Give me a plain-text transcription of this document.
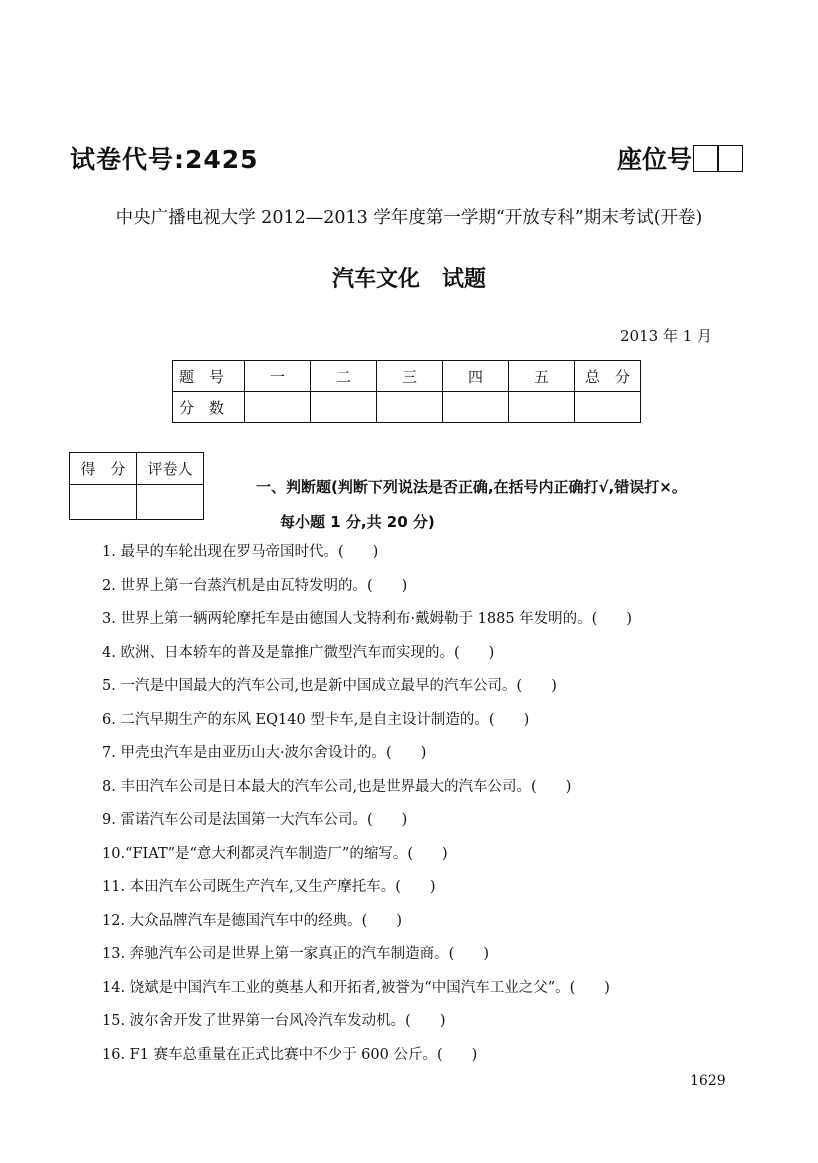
试卷代号:2425	座位号
中央广播电视大学 2012—2013 学年度第一学期“开放专科”期末考试(开卷)
汽车文化　试题
2013 年 1 月
题　号	一	二	三	四	五	总　分
分　数						
得　分	评卷人

一、判断题(判断下列说法是否正确,在括号内正确打√,错误打×。
每小题 1 分,共 20 分)
1. 最早的车轮出现在罗马帝国时代。(　　)
2. 世界上第一台蒸汽机是由瓦特发明的。(　　)
3. 世界上第一辆两轮摩托车是由德国人戈特利布·戴姆勒于 1885 年发明的。(　　)
4. 欧洲、日本轿车的普及是靠推广微型汽车而实现的。(　　)
5. 一汽是中国最大的汽车公司,也是新中国成立最早的汽车公司。(　　)
6. 二汽早期生产的东风 EQ140 型卡车,是自主设计制造的。(　　)
7. 甲壳虫汽车是由亚历山大·波尔舍设计的。(　　)
8. 丰田汽车公司是日本最大的汽车公司,也是世界最大的汽车公司。(　　)
9. 雷诺汽车公司是法国第一大汽车公司。(　　)
10.“FIAT”是“意大利都灵汽车制造厂”的缩写。(　　)
11. 本田汽车公司既生产汽车,又生产摩托车。(　　)
12. 大众品牌汽车是德国汽车中的经典。(　　)
13. 奔驰汽车公司是世界上第一家真正的汽车制造商。(　　)
14. 饶斌是中国汽车工业的奠基人和开拓者,被誉为“中国汽车工业之父”。(　　)
15. 波尔舍开发了世界第一台风冷汽车发动机。(　　)
16. F1 赛车总重量在正式比赛中不少于 600 公斤。(　　)
1629
